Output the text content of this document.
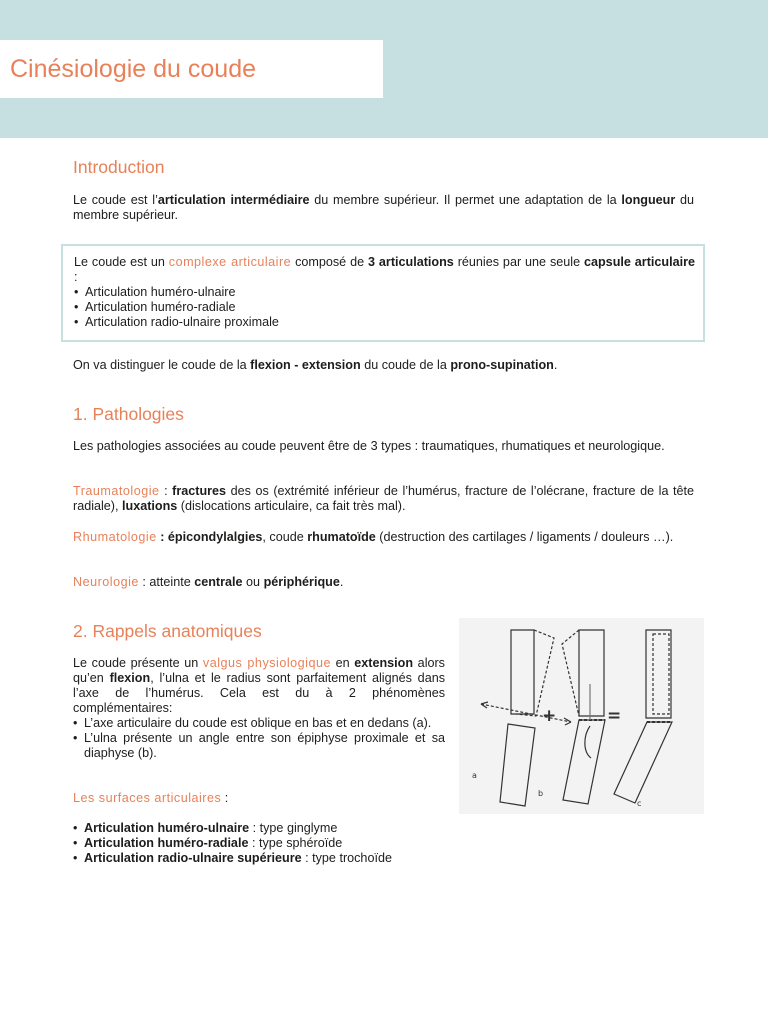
Cinésiologie du coude
Introduction

Le coude est l’articulation intermédiaire du membre supérieur. Il permet une adaptation de la longueur du membre supérieur.

Le coude est un complexe articulaire composé de 3 articulations réunies par une seule capsule articulaire :
• Articulation huméro-ulnaire
• Articulation huméro-radiale
• Articulation radio-ulnaire proximale

On va distinguer le coude de la flexion - extension du coude de la prono-supination.

1. Pathologies

Les pathologies associées au coude peuvent être de 3 types : traumatiques, rhumatiques et neurologique.

Traumatologie : fractures des os (extrémité inférieur de l’humérus, fracture de l’olécrane, fracture de la tête radiale), luxations (dislocations articulaire, ca fait très mal).

Rhumatologie : épicondylalgies, coude rhumatoïde (destruction des cartilages / ligaments / douleurs …).

Neurologie : atteinte centrale ou périphérique.

2. Rappels anatomiques
Le coude présente un valgus physiologique en extension alors qu’en flexion, l’ulna et le radius sont parfaitement alignés dans l’axe de l’humérus. Cela est du à 2 phénomènes complémentaires:
• L’axe articulaire du coude est oblique en bas et en dedans (a).
• L’ulna présente un angle entre son épiphyse proximale et sa diaphyse (b).

Les surfaces articulaires :

• Articulation huméro-ulnaire : type ginglyme
• Articulation huméro-radiale : type sphéroïde
• Articulation radio-ulnaire supérieure : type trochoïde
+	=
a
b
c
